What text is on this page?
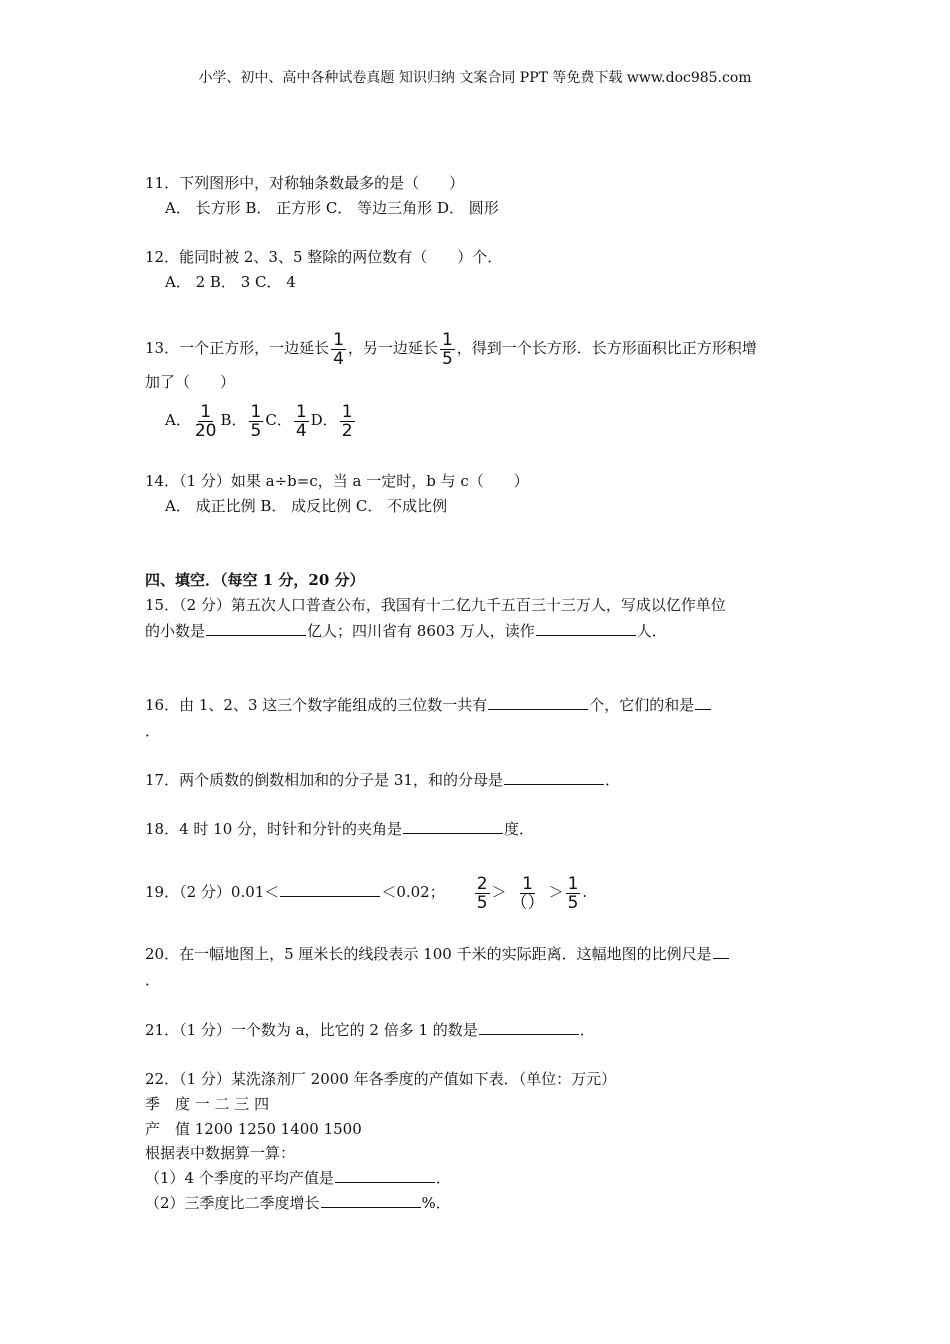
小学、初中、高中各种试卷真题 知识归纳 文案合同 PPT 等免费下载 www.doc985.com
11．下列图形中，对称轴条数最多的是（　　）
A． 长方形 B． 正方形 C． 等边三角形 D． 圆形
12．能同时被 2、3、5 整除的两位数有（　　）个．
A． 2 B． 3 C． 4
13．一个正方形，一边延长 $\frac{1}{4}$ ，另一边延长 $\frac{1}{5}$ ，得到一个长方形．长方形面积比正方形积增
加了（　　）
A． $\frac{1}{20}$ B． $\frac{1}{5}$ C． $\frac{1}{4}$ D． $\frac{1}{2}$
14．（1 分）如果 a÷b=c，当 a 一定时，b 与 c（　　）
A． 成正比例 B． 成反比例 C． 不成比例
四、填空．（每空 1 分，20 分）
15．（2 分）第五次人口普查公布，我国有十二亿九千五百三十三万人，写成以亿作单位
的小数是	亿人；四川省有 8603 万人，读作	人．
16．由 1、2、3 这三个数字能组成的三位数一共有	个，它们的和是
．
17．两个质数的倒数相加和的分子是 31，和的分母是	．
18．4 时 10 分，时针和分针的夹角是	度．
19．（2 分）0.01＜	＜0.02； $\frac{2}{5} > \frac{1}{()} > \frac{1}{5}$ .
20．在一幅地图上，5 厘米长的线段表示 100 千米的实际距离．这幅地图的比例尺是
．
21．（1 分）一个数为 a，比它的 2 倍多 1 的数是	．
22．（1 分）某洗涤剂厂 2000 年各季度的产值如下表．（单位：万元）
季　度 一 二 三 四
产　值 1200 1250 1400 1500
根据表中数据算一算：
（1）4 个季度的平均产值是	．
（2）三季度比二季度增长	%．
